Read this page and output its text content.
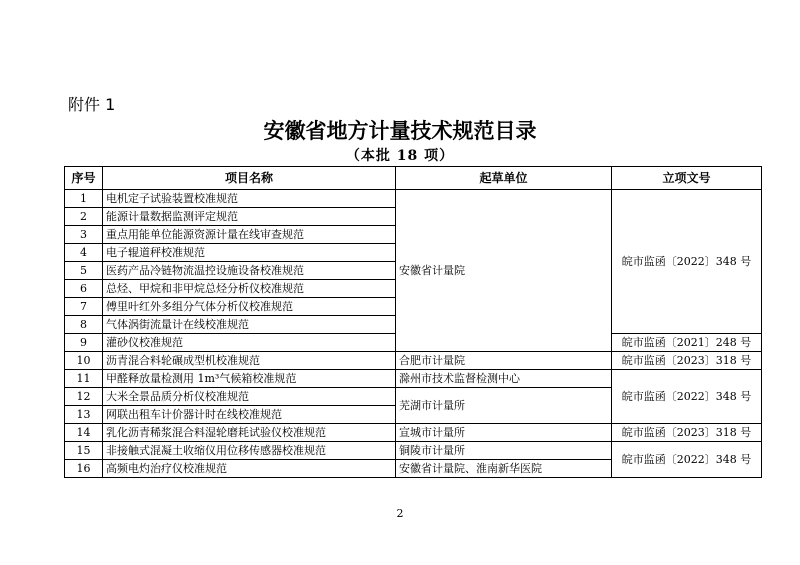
附件 1
安徽省地方计量技术规范目录
（本批 18 项）
序号	项目名称	起草单位	立项文号
1	电机定子试验装置校准规范	安徽省计量院	皖市监函〔2022〕348 号
2	能源计量数据监测评定规范		
3	重点用能单位能源资源计量在线审查规范		
4	电子辊道秤校准规范		
5	医药产品冷链物流温控设施设备校准规范		
6	总烃、甲烷和非甲烷总烃分析仪校准规范		
7	傅里叶红外多组分气体分析仪校准规范		
8	气体涡街流量计在线校准规范		
9	灌砂仪校准规范		皖市监函〔2021〕248 号
10	沥青混合料轮碾成型机校准规范	合肥市计量院	皖市监函〔2023〕318 号
11	甲醛释放量检测用 1m³气候箱校准规范	滁州市技术监督检测中心	皖市监函〔2022〕348 号
12	大米全景品质分析仪校准规范	芜湖市计量所	
13	网联出租车计价器计时在线校准规范		
14	乳化沥青稀浆混合料湿轮磨耗试验仪校准规范	宣城市计量所	皖市监函〔2023〕318 号
15	非接触式混凝土收缩仪用位移传感器校准规范	铜陵市计量所	皖市监函〔2022〕348 号
16	高频电灼治疗仪校准规范	安徽省计量院、淮南新华医院	
2
